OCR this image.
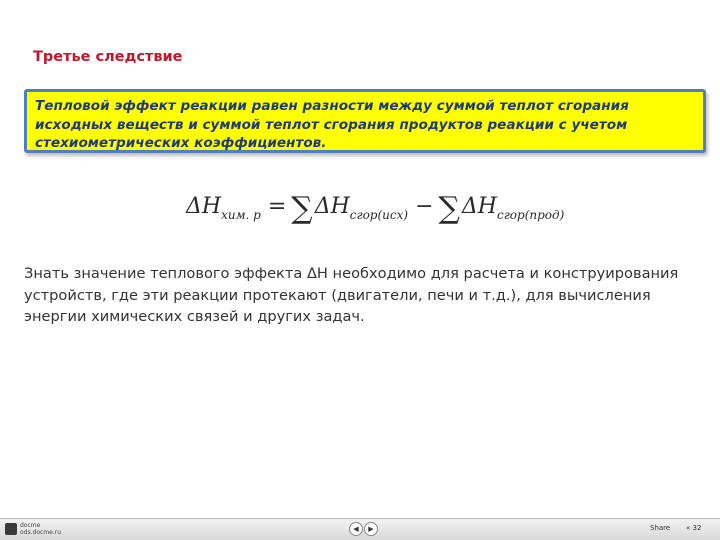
Третье следствие

Тепловой эффект реакции равен разности между суммой теплот сгорания

исходных веществ и суммой теплот сгорания продуктов реакции с учетом

стехиометрических коэффициентов.

ΔH хим. р = ∑ ΔH сгор(исх) − ∑ ΔH сгор(прод)

Знать значение теплового эффекта ΔН необходимо для расчета и конструирования

устройств, где эти реакции протекают (двигатели, печи и т.д.), для вычисления

энергии химических связей и других задач.

docme
ods.docme.ru	◀ ▶	Share « 32
